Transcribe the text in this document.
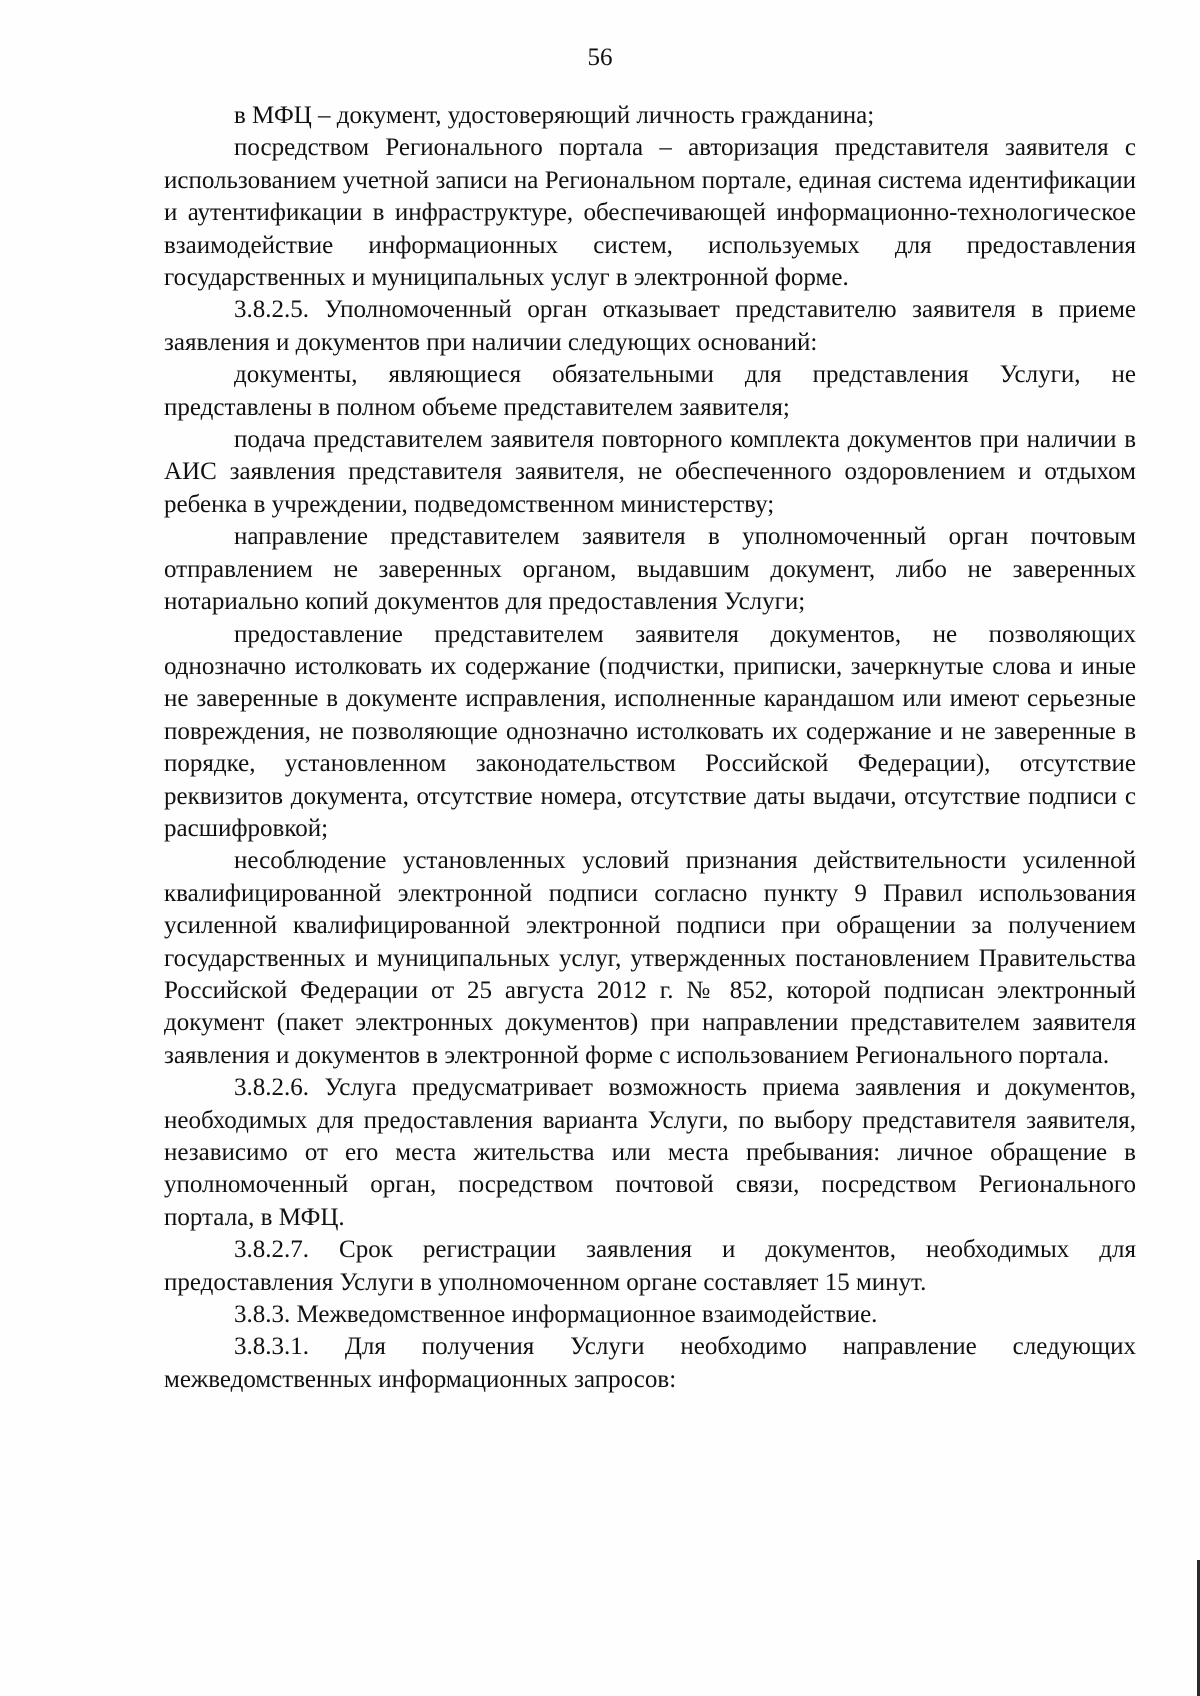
56

в МФЦ – документ, удостоверяющий личность гражданина;

посредством Регионального портала – авторизация представителя заявителя с использованием учетной записи на Региональном портале, единая система идентификации и аутентификации в инфраструктуре, обеспечивающей информационно-технологическое взаимодействие информационных систем, используемых для предоставления государственных и муниципальных услуг в электронной форме.

3.8.2.5. Уполномоченный орган отказывает представителю заявителя в приеме заявления и документов при наличии следующих оснований:

документы, являющиеся обязательными для представления Услуги, не представлены в полном объеме представителем заявителя;

подача представителем заявителя повторного комплекта документов при наличии в АИС заявления представителя заявителя, не обеспеченного оздоровлением и отдыхом ребенка в учреждении, подведомственном министерству;

направление представителем заявителя в уполномоченный орган почтовым отправлением не заверенных органом, выдавшим документ, либо не заверенных нотариально копий документов для предоставления Услуги;

предоставление представителем заявителя документов, не позволяющих однозначно истолковать их содержание (подчистки, приписки, зачеркнутые слова и иные не заверенные в документе исправления, исполненные карандашом или имеют серьезные повреждения, не позволяющие однозначно истолковать их содержание и не заверенные в порядке, установленном законодательством Российской Федерации), отсутствие реквизитов документа, отсутствие номера, отсутствие даты выдачи, отсутствие подписи с расшифровкой;

несоблюдение установленных условий признания действительности усиленной квалифицированной электронной подписи согласно пункту 9 Правил использования усиленной квалифицированной электронной подписи при обращении за получением государственных и муниципальных услуг, утвержденных постановлением Правительства Российской Федерации от 25 августа 2012 г. № 852, которой подписан электронный документ (пакет электронных документов) при направлении представителем заявителя заявления и документов в электронной форме с использованием Регионального портала.

3.8.2.6. Услуга предусматривает возможность приема заявления и документов, необходимых для предоставления варианта Услуги, по выбору представителя заявителя, независимо от его места жительства или места пребывания: личное обращение в уполномоченный орган, посредством почтовой связи, посредством Регионального портала, в МФЦ.

3.8.2.7. Срок регистрации заявления и документов, необходимых для предоставления Услуги в уполномоченном органе составляет 15 минут.

3.8.3. Межведомственное информационное взаимодействие.

3.8.3.1. Для получения Услуги необходимо направление следующих межведомственных информационных запросов:
